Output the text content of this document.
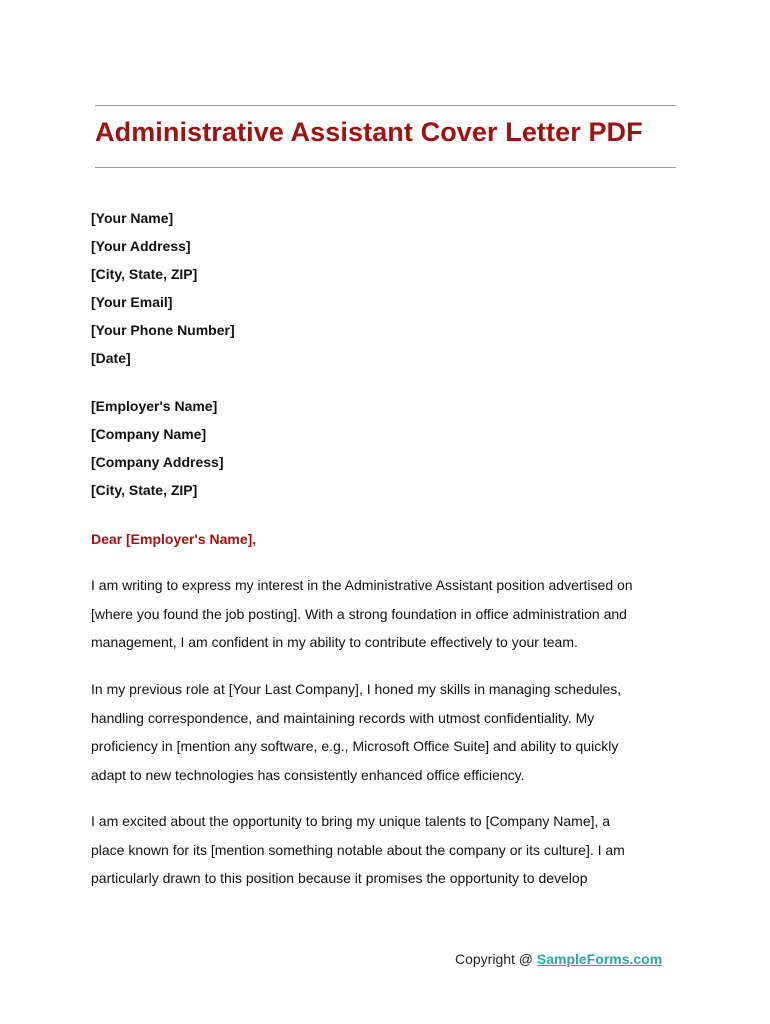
Administrative Assistant Cover Letter PDF
[Your Name]
[Your Address]
[City, State, ZIP]
[Your Email]
[Your Phone Number]
[Date]
[Employer's Name]
[Company Name]
[Company Address]
[City, State, ZIP]

Dear [Employer's Name],

I am writing to express my interest in the Administrative Assistant position advertised on
[where you found the job posting]. With a strong foundation in office administration and
management, I am confident in my ability to contribute effectively to your team.

In my previous role at [Your Last Company], I honed my skills in managing schedules,
handling correspondence, and maintaining records with utmost confidentiality. My
proficiency in [mention any software, e.g., Microsoft Office Suite] and ability to quickly
adapt to new technologies has consistently enhanced office efficiency.

I am excited about the opportunity to bring my unique talents to [Company Name], a
place known for its [mention something notable about the company or its culture]. I am
particularly drawn to this position because it promises the opportunity to develop

Copyright @ SampleForms.com
